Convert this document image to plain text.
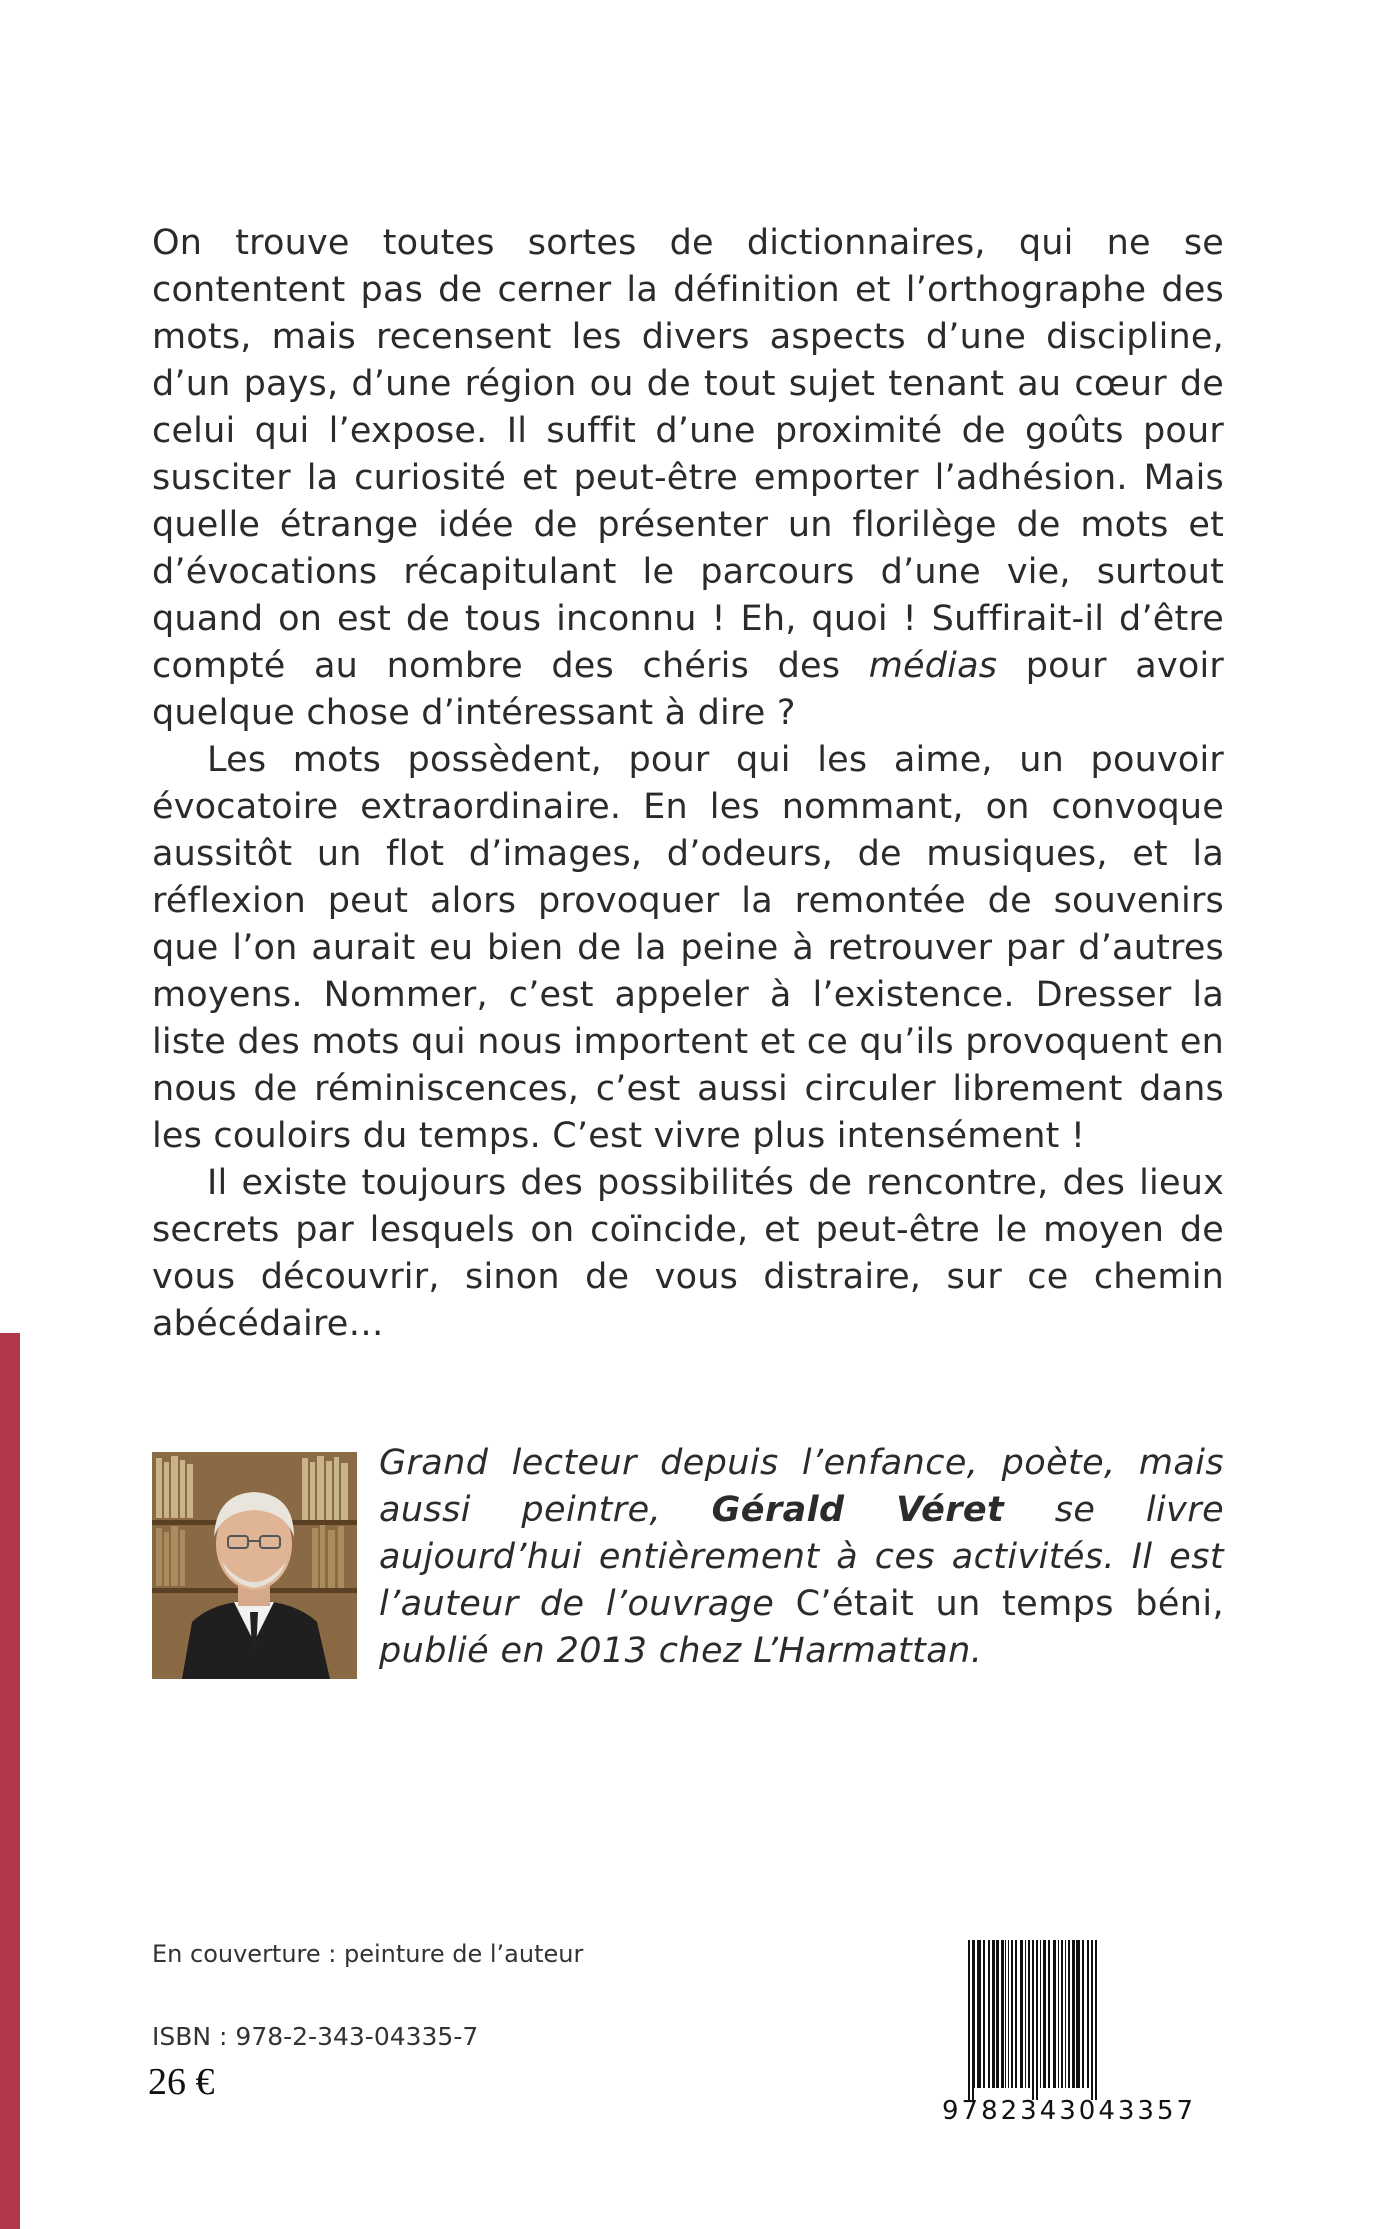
On trouve toutes sortes de dictionnaires, qui ne se contentent pas de cerner la définition et l’orthographe des mots, mais recensent les divers aspects d’une discipline, d’un pays, d’une région ou de tout sujet tenant au cœur de celui qui l’expose. Il suffit d’une proximité de goûts pour susciter la curiosité et peut-être emporter l’adhésion. Mais quelle étrange idée de présenter un florilège de mots et d’évocations récapitulant le parcours d’une vie, surtout quand on est de tous inconnu ! Eh, quoi ! Suffirait-il d’être compté au nombre des chéris des médias pour avoir quelque chose d’intéressant à dire ?

Les mots possèdent, pour qui les aime, un pouvoir évocatoire extraordinaire. En les nommant, on convoque aussitôt un flot d’images, d’odeurs, de musiques, et la réflexion peut alors provoquer la remontée de souvenirs que l’on aurait eu bien de la peine à retrouver par d’autres moyens. Nommer, c’est appeler à l’existence. Dresser la liste des mots qui nous importent et ce qu’ils provoquent en nous de réminiscences, c’est aussi circuler librement dans les couloirs du temps. C’est vivre plus intensément !

Il existe toujours des possibilités de rencontre, des lieux secrets par lesquels on coïncide, et peut-être le moyen de vous découvrir, sinon de vous distraire, sur ce chemin abécédaire…

Grand lecteur depuis l’enfance, poète, mais aussi peintre, Gérald Véret se livre aujourd’hui entièrement à ces activités. Il est l’auteur de l’ouvrage C’était un temps béni, publié en 2013 chez L’Harmattan.
En couverture : peinture de l’auteur
ISBN : 978-2-343-04335-7
26 €
9782343043357
